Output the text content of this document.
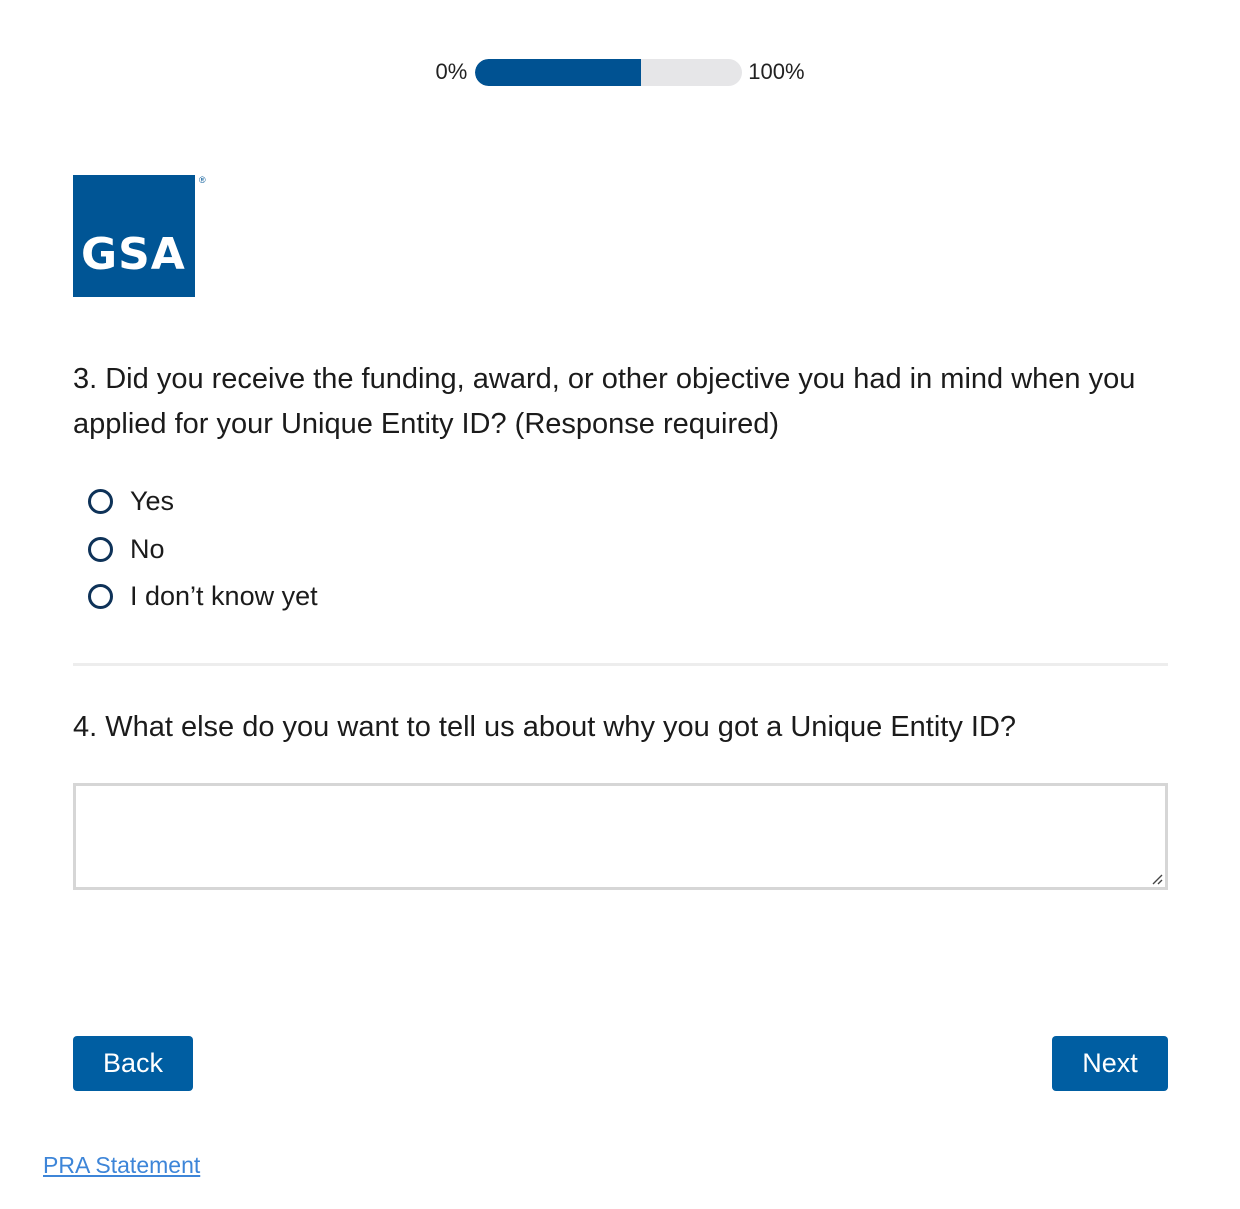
0%	100%
GSA
®
3. Did you receive the funding, award, or other objective you had in mind when you applied for your Unique Entity ID? (Response required)
Yes
No
I don’t know yet
4. What else do you want to tell us about why you got a Unique Entity ID?
Back	Next
PRA Statement
